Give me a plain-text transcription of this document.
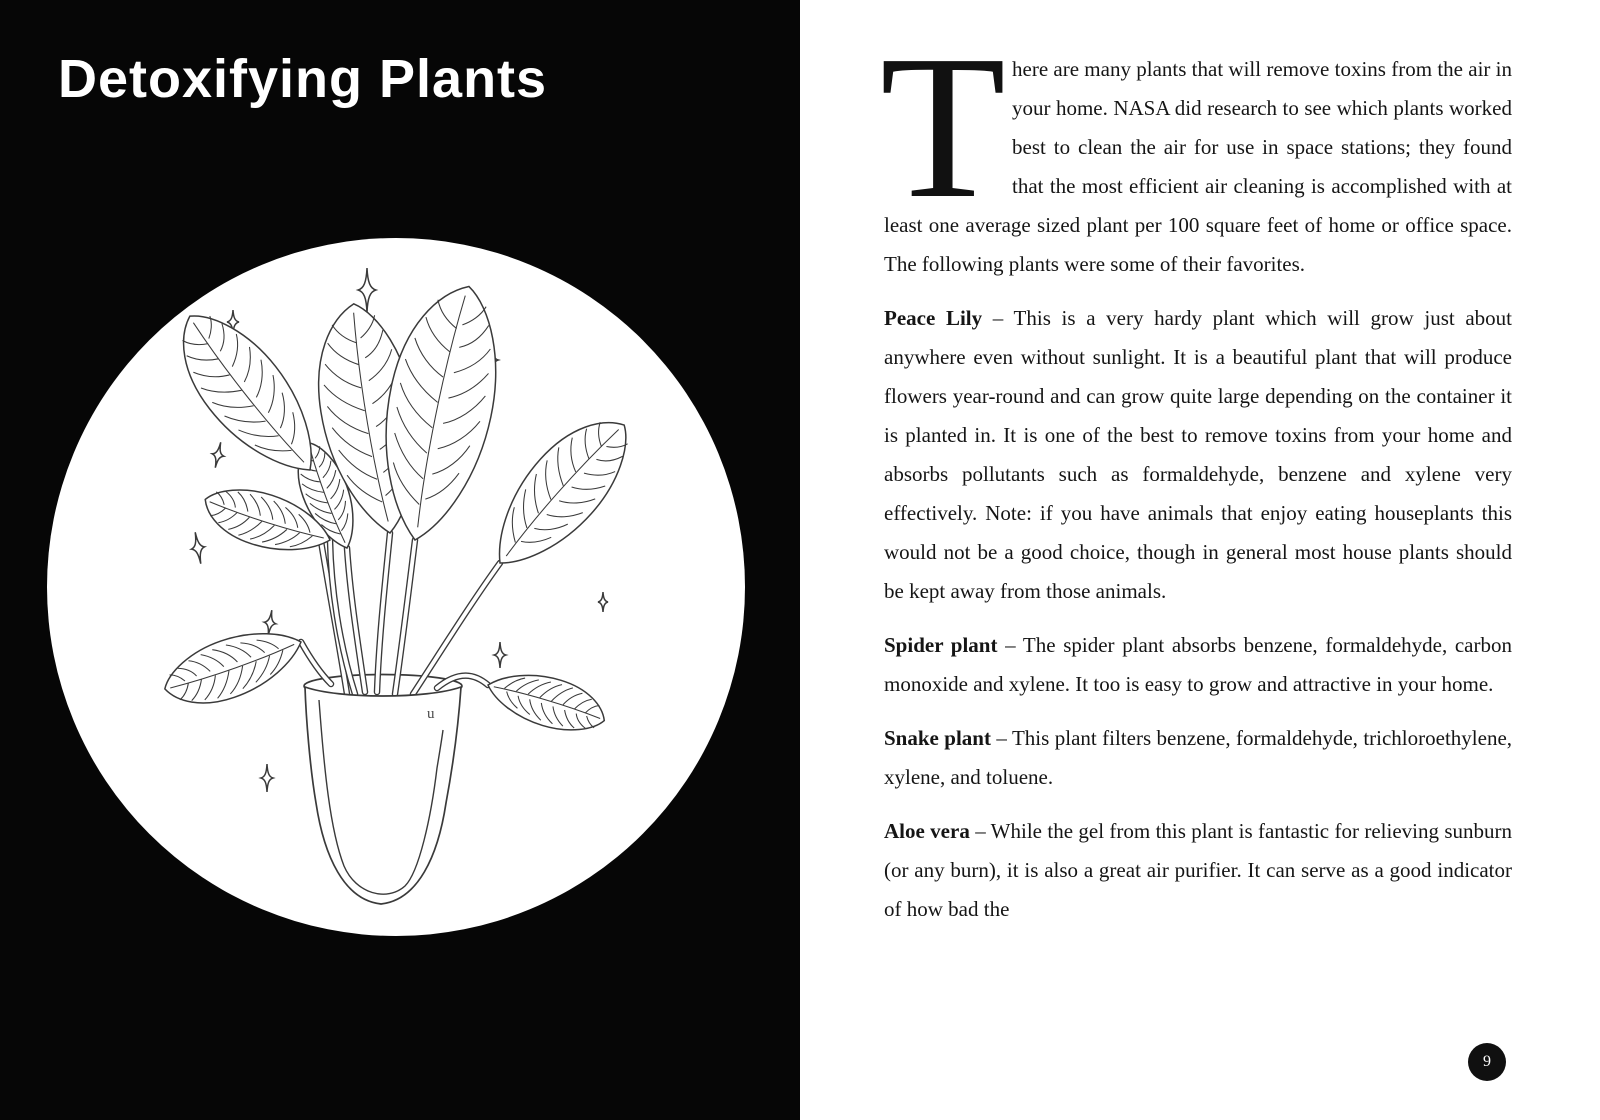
Detoxifying Plants
u

There are many plants that will remove toxins from the air in your home. NASA did research to see which plants worked best to clean the air for use in space stations; they found that the most efficient air cleaning is accomplished with at least one average sized plant per 100 square feet of home or office space. The following plants were some of their favorites.

Peace Lily – This is a very hardy plant which will grow just about anywhere even without sunlight. It is a beautiful plant that will produce flowers year-round and can grow quite large depending on the container it is planted in. It is one of the best to remove toxins from your home and absorbs pollutants such as formaldehyde, benzene and xylene very effectively. Note: if you have animals that enjoy eating houseplants this would not be a good choice, though in general most house plants should be kept away from those animals.

Spider plant – The spider plant absorbs benzene, formaldehyde, carbon monoxide and xylene. It too is easy to grow and attractive in your home.

Snake plant – This plant filters benzene, formaldehyde, trichloroethylene, xylene, and toluene.

Aloe vera – While the gel from this plant is fantastic for relieving sunburn (or any burn), it is also a great air purifier. It can serve as a good indicator of how bad the

9
